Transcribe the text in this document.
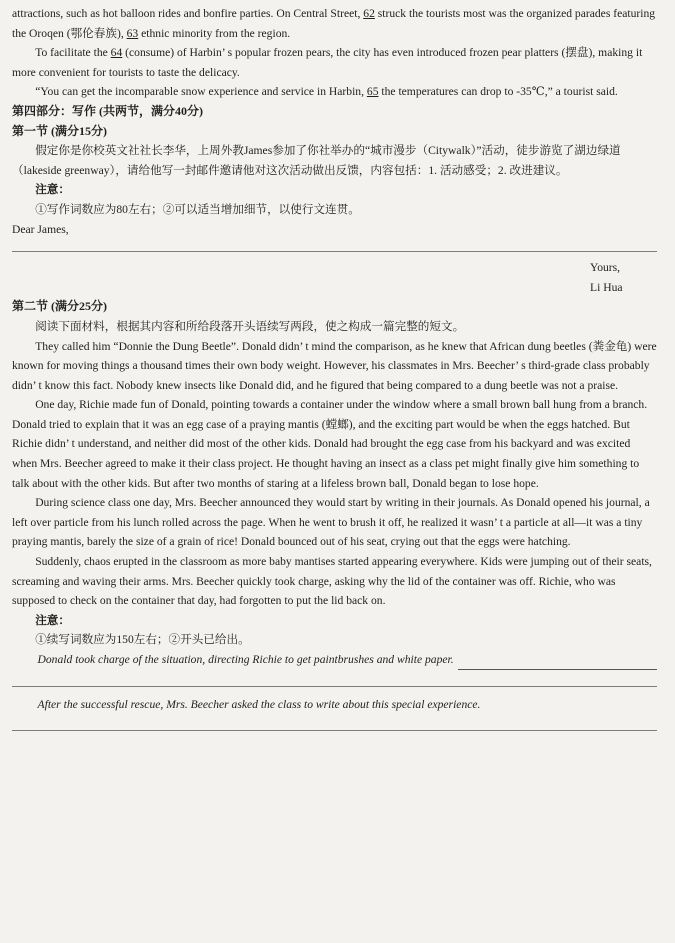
attractions, such as hot balloon rides and bonfire parties. On Central Street, 62 struck the tourists most was the organized parades featuring the Oroqen (鄂伦春族), 63 ethnic minority from the region.

To facilitate the 64 (consume) of Harbin’ s popular frozen pears, the city has even introduced frozen pear platters (摆盘), making it more convenient for tourists to taste the delicacy.

“You can get the incomparable snow experience and service in Harbin, 65 the temperatures can drop to -35℃,” a tourist said.

第四部分：写作 (共两节，满分40分)

第一节 (满分15分)

假定你是你校英文社社长李华，上周外教James参加了你社举办的“城市漫步（Citywalk）”活动，徒步游览了湖边绿道（lakeside greenway），请给他写一封邮件邀请他对这次活动做出反馈，内容包括：1. 活动感受；2. 改进建议。

注意：

①写作词数应为80左右；②可以适当增加细节，以使行文连贯。

Dear James,

Yours,

Li Hua

第二节 (满分25分)

阅读下面材料，根据其内容和所给段落开头语续写两段，使之构成一篇完整的短文。

They called him “Donnie the Dung Beetle”. Donald didn’ t mind the comparison, as he knew that African dung beetles (粪金龟) were known for moving things a thousand times their own body weight. However, his classmates in Mrs. Beecher’ s third-grade class probably didn’ t know this fact. Nobody knew insects like Donald did, and he figured that being compared to a dung beetle was not a praise.

One day, Richie made fun of Donald, pointing towards a container under the window where a small brown ball hung from a branch. Donald tried to explain that it was an egg case of a praying mantis (螳螂), and the exciting part would be when the eggs hatched. But Richie didn’ t understand, and neither did most of the other kids. Donald had brought the egg case from his backyard and was excited when Mrs. Beecher agreed to make it their class project. He thought having an insect as a class pet might finally give him something to talk about with the other kids. But after two months of staring at a lifeless brown ball, Donald began to lose hope.

During science class one day, Mrs. Beecher announced they would start by writing in their journals. As Donald opened his journal, a left over particle from his lunch rolled across the page. When he went to brush it off, he realized it wasn’ t a particle at all—it was a tiny praying mantis, barely the size of a grain of rice! Donald bounced out of his seat, crying out that the eggs were hatching.

Suddenly, chaos erupted in the classroom as more baby mantises started appearing everywhere. Kids were jumping out of their seats, screaming and waving their arms. Mrs. Beecher quickly took charge, asking why the lid of the container was off. Richie, who was supposed to check on the container that day, had forgotten to put the lid back on.

注意：

①续写词数应为150左右；②开头已给出。

Donald took charge of the situation, directing Richie to get paintbrushes and white paper.

After the successful rescue, Mrs. Beecher asked the class to write about this special experience.
